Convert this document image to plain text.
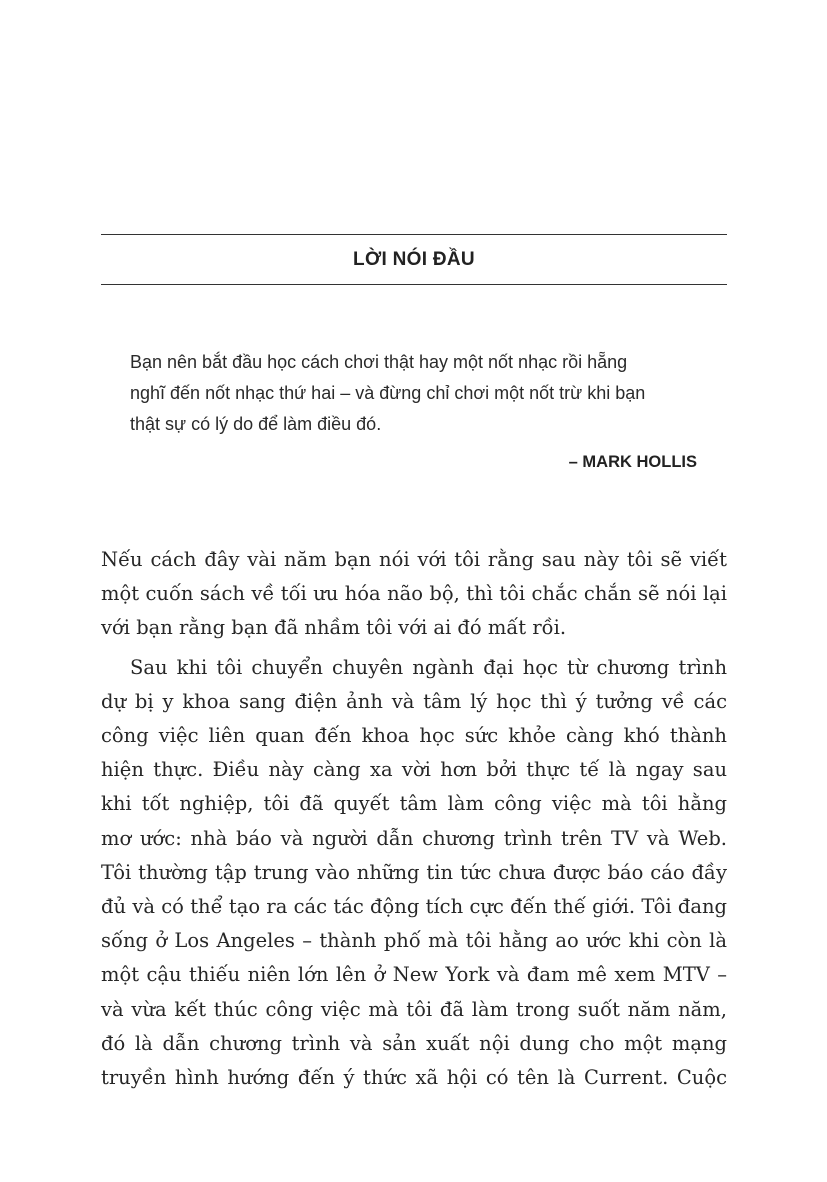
LỜI NÓI ĐẦU
Bạn nên bắt đầu học cách chơi thật hay một nốt nhạc rồi hẵng
nghĩ đến nốt nhạc thứ hai – và đừng chỉ chơi một nốt trừ khi bạn
thật sự có lý do để làm điều đó.
– MARK HOLLIS
Nếu cách đây vài năm bạn nói với tôi rằng sau này tôi sẽ viết
một cuốn sách về tối ưu hóa não bộ, thì tôi chắc chắn sẽ nói lại
với bạn rằng bạn đã nhầm tôi với ai đó mất rồi.
Sau khi tôi chuyển chuyên ngành đại học từ chương trình
dự bị y khoa sang điện ảnh và tâm lý học thì ý tưởng về các
công việc liên quan đến khoa học sức khỏe càng khó thành
hiện thực. Điều này càng xa vời hơn bởi thực tế là ngay sau
khi tốt nghiệp, tôi đã quyết tâm làm công việc mà tôi hằng
mơ ước: nhà báo và người dẫn chương trình trên TV và Web.
Tôi thường tập trung vào những tin tức chưa được báo cáo đầy
đủ và có thể tạo ra các tác động tích cực đến thế giới. Tôi đang
sống ở Los Angeles – thành phố mà tôi hằng ao ước khi còn là
một cậu thiếu niên lớn lên ở New York và đam mê xem MTV –
và vừa kết thúc công việc mà tôi đã làm trong suốt năm năm,
đó là dẫn chương trình và sản xuất nội dung cho một mạng
truyền hình hướng đến ý thức xã hội có tên là Current. Cuộc
